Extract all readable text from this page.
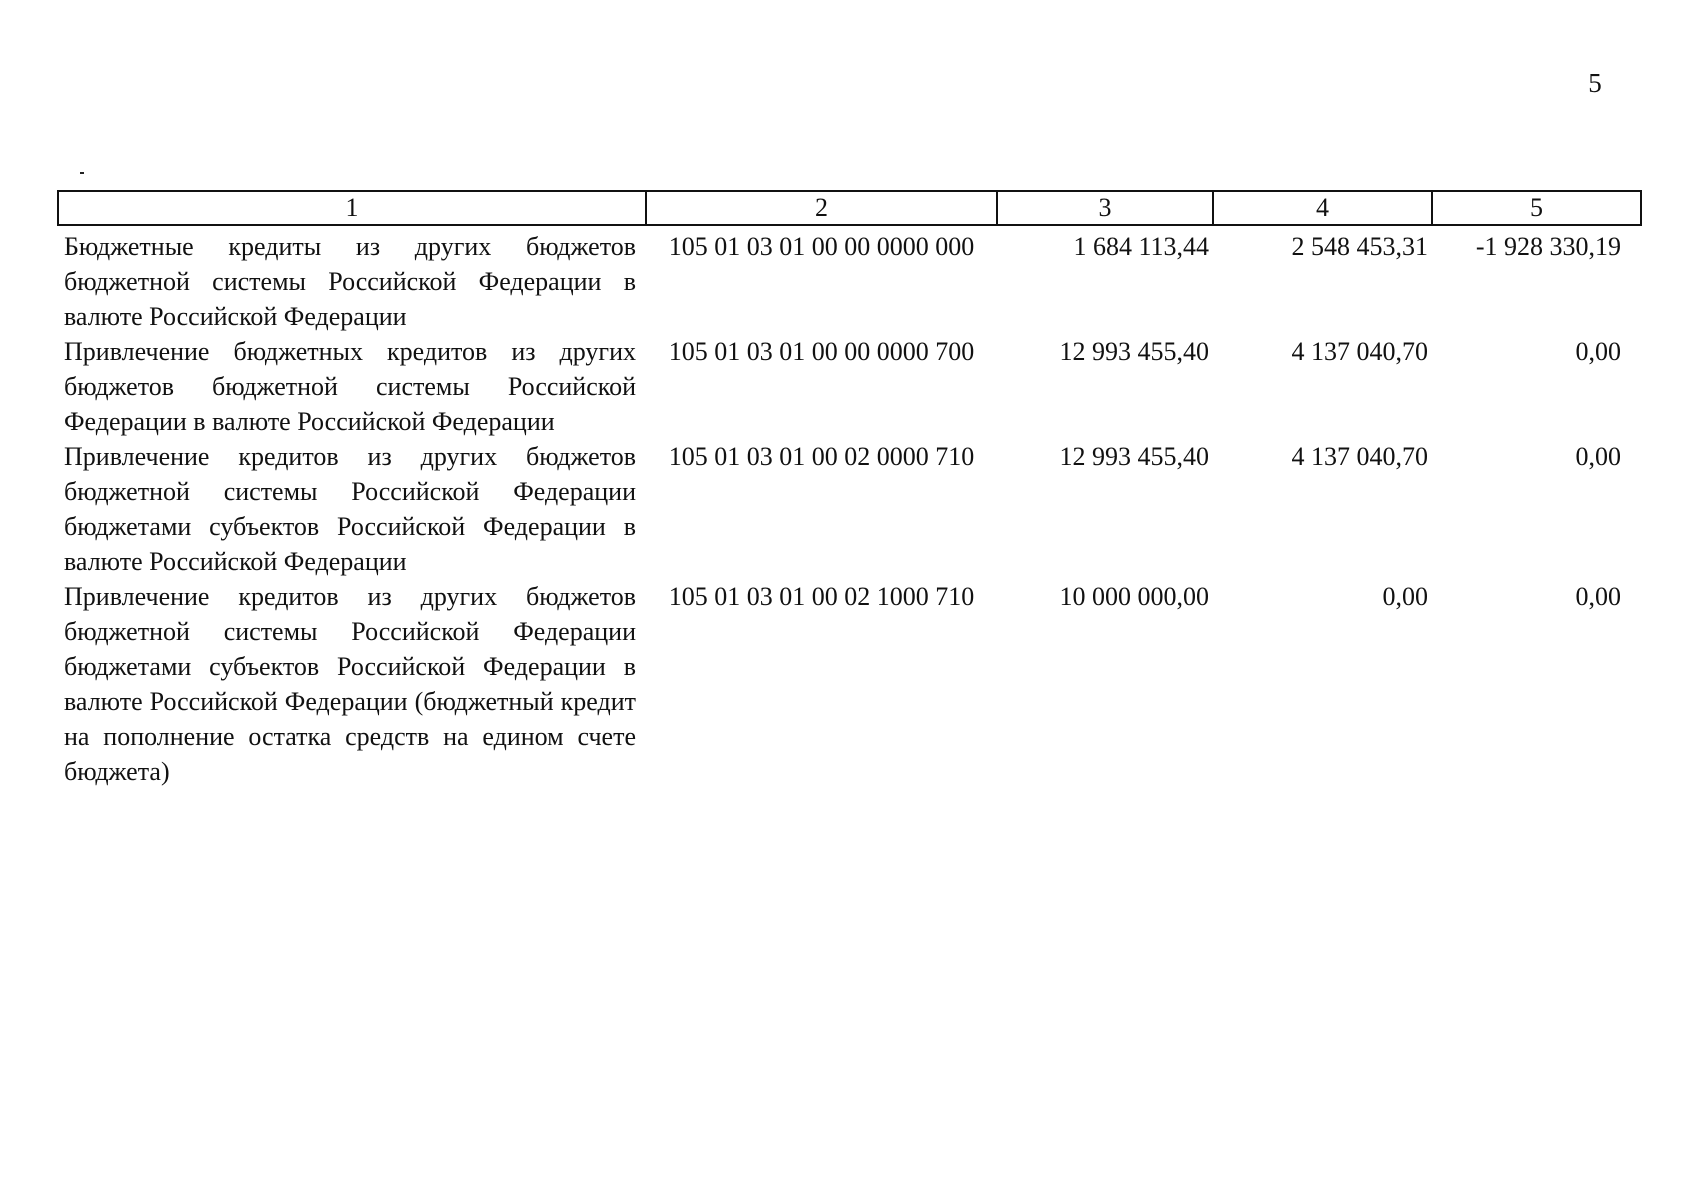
5
1	2	3	4	5
Бюджетные кредиты из других бюджетов бюджетной системы Российской Федерации в валюте Российской Федерации	105 01 03 01 00 00 0000 000	1 684 113,44	2 548 453,31	-1 928 330,19
Привлечение бюджетных кредитов из других бюджетов бюджетной системы Российской Федерации в валюте Российской Федерации	105 01 03 01 00 00 0000 700	12 993 455,40	4 137 040,70	0,00
Привлечение кредитов из других бюджетов бюджетной системы Российской Федерации бюджетами субъектов Российской Федерации в валюте Российской Федерации	105 01 03 01 00 02 0000 710	12 993 455,40	4 137 040,70	0,00
Привлечение кредитов из других бюджетов бюджетной системы Российской Федерации бюджетами субъектов Российской Федерации в валюте Российской Федерации (бюджетный кредит на пополнение остатка средств на едином счете бюджета)	105 01 03 01 00 02 1000 710	10 000 000,00	0,00	0,00
